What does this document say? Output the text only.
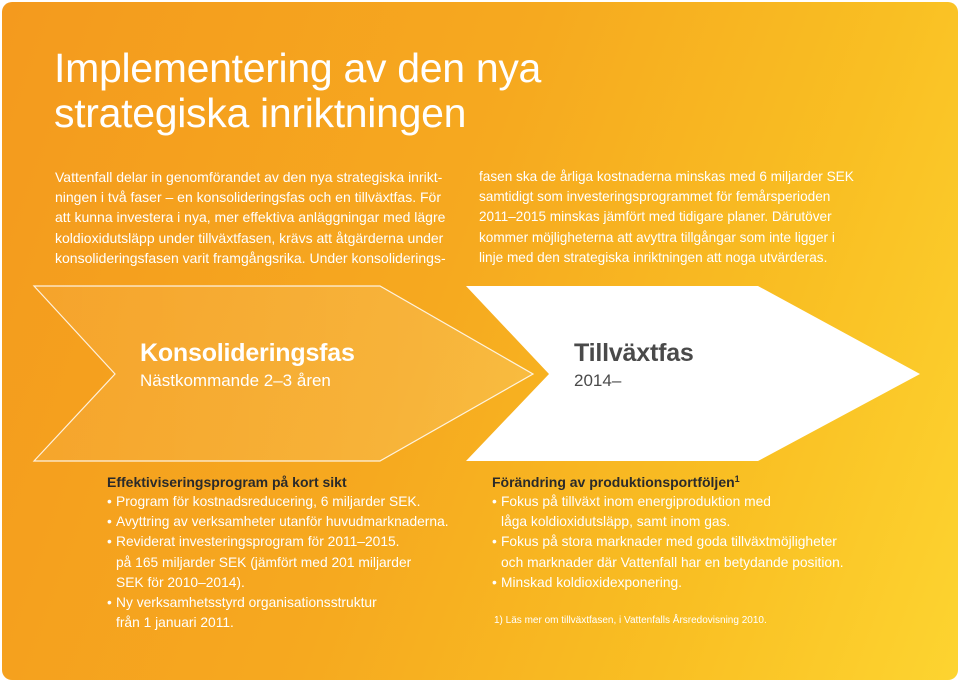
Implementering av den nya
strategiska inriktningen
Vattenfall delar in genomförandet av den nya strategiska inrikt-
ningen i två faser – en konsolideringsfas och en tillväxtfas. För
att kunna investera i nya, mer effektiva anläggningar med lägre
koldioxidutsläpp under tillväxtfasen, krävs att åtgärderna under
konsolideringsfasen varit framgångsrika. Under konsoliderings-
fasen ska de årliga kostnaderna minskas med 6 miljarder SEK
samtidigt som investeringsprogrammet för femårsperioden
2011–2015 minskas jämfört med tidigare planer. Därutöver
kommer möjligheterna att avyttra tillgångar som inte ligger i
linje med den strategiska inriktningen att noga utvärderas.
Konsolideringsfas
Nästkommande 2–3 åren
Tillväxtfas
2014–
Effektiviseringsprogram på kort sikt
• Program för kostnadsreducering, 6 miljarder SEK.
• Avyttring av verksamheter utanför huvudmarknaderna.
• Reviderat investeringsprogram för 2011–2015.
på 165 miljarder SEK (jämfört med 201 miljarder
SEK för 2010–2014).
• Ny verksamhetsstyrd organisationsstruktur
från 1 januari 2011.
Förändring av produktionsportföljen$^1$
• Fokus på tillväxt inom energiproduktion med
låga koldioxidutsläpp, samt inom gas.
• Fokus på stora marknader med goda tillväxtmöjligheter
och marknader där Vattenfall har en betydande position.
• Minskad koldioxidexponering.
1) Läs mer om tillväxtfasen, i Vattenfalls Årsredovisning 2010.
